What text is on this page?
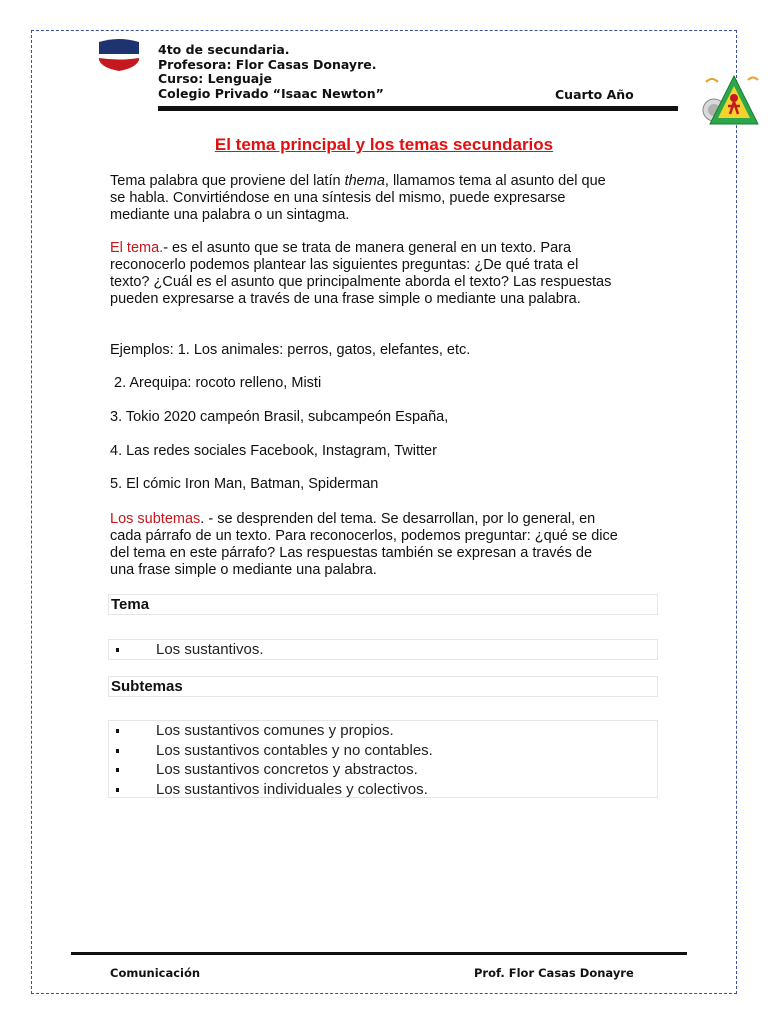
4to de secundaria.
Profesora: Flor Casas Donayre.
Curso: Lenguaje
Colegio Privado “Isaac Newton”	Cuarto Año
El tema principal y los temas secundarios
Tema palabra que proviene del latín thema, llamamos tema al asunto del que se habla. Convirtiéndose en una síntesis del mismo, puede expresarse mediante una palabra o un sintagma.
El tema.- es el asunto que se trata de manera general en un texto. Para reconocerlo podemos plantear las siguientes preguntas: ¿De qué trata el texto? ¿Cuál es el asunto que principalmente aborda el texto? Las respuestas pueden expresarse a través de una frase simple o mediante una palabra.
Ejemplos: 1. Los animales: perros, gatos, elefantes, etc.
2. Arequipa: rocoto relleno, Misti
3. Tokio 2020 campeón Brasil, subcampeón España,
4. Las redes sociales Facebook, Instagram, Twitter
5. El cómic Iron Man, Batman, Spiderman
Los subtemas. - se desprenden del tema. Se desarrollan, por lo general, en cada párrafo de un texto. Para reconocerlos, podemos preguntar: ¿qué se dice del tema en este párrafo? Las respuestas también se expresan a través de una frase simple o mediante una palabra.
Tema
Los sustantivos.
Subtemas
Los sustantivos comunes y propios.
Los sustantivos contables y no contables.
Los sustantivos concretos y abstractos.
Los sustantivos individuales y colectivos.
Comunicación	Prof. Flor Casas Donayre
